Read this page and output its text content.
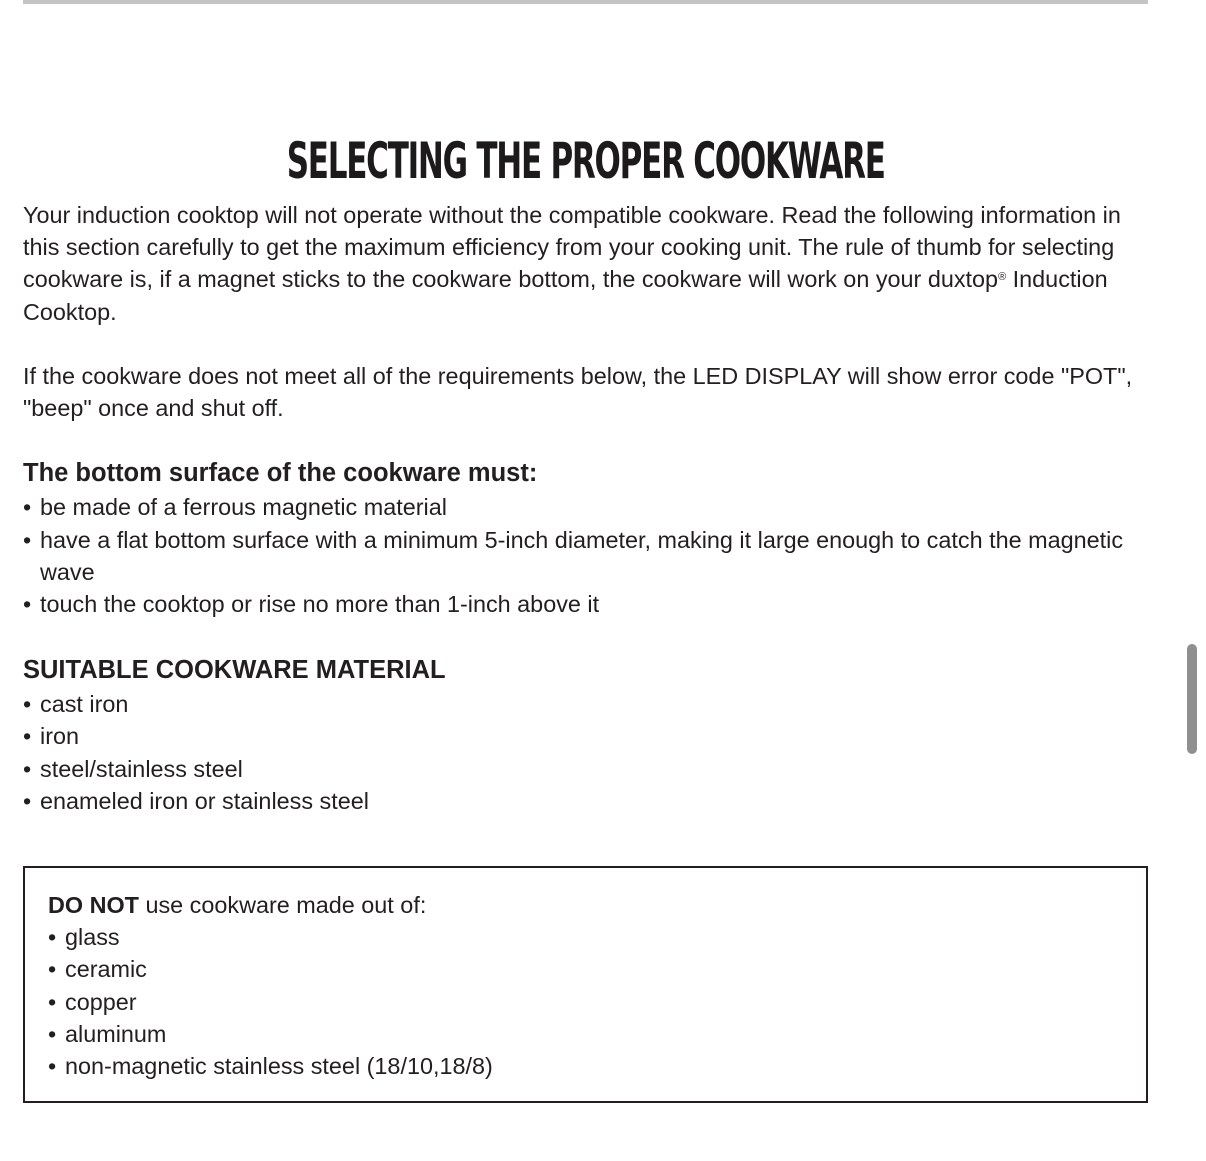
SELECTING THE PROPER COOKWARE

Your induction cooktop will not operate without the compatible cookware. Read the following information in this section carefully to get the maximum efficiency from your cooking unit. The rule of thumb for selecting cookware is, if a magnet sticks to the cookware bottom, the cookware will work on your duxtop® Induction Cooktop.

If the cookware does not meet all of the requirements below, the LED DISPLAY will show error code "POT", "beep" once and shut off.

The bottom surface of the cookware must:
• be made of a ferrous magnetic material
• have a flat bottom surface with a minimum 5-inch diameter, making it large enough to catch the magnetic wave
• touch the cooktop or rise no more than 1-inch above it
SUITABLE COOKWARE MATERIAL
• cast iron
• iron
• steel/stainless steel
• enameled iron or stainless steel
DO NOT use cookware made out of:
• glass
• ceramic
• copper
• aluminum
• non-magnetic stainless steel (18/10,18/8)
